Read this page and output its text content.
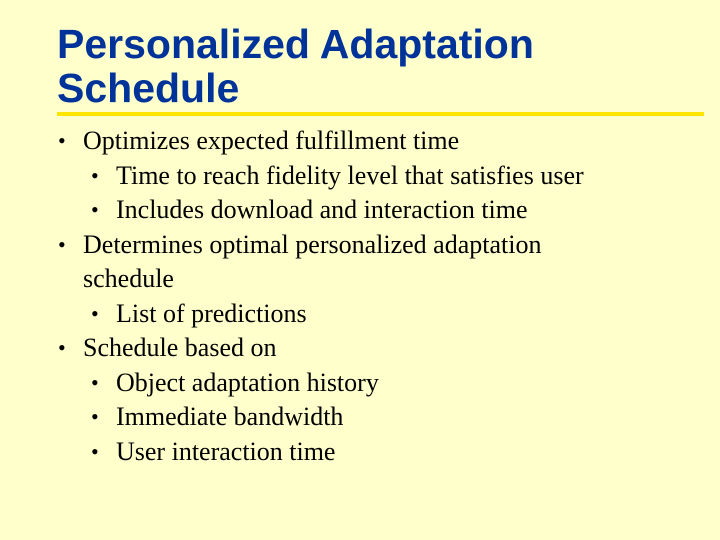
Personalized Adaptation
Schedule
• Optimizes expected fulfillment time
• Time to reach fidelity level that satisfies user
• Includes download and interaction time
• Determines optimal personalized adaptation
schedule
• List of predictions
• Schedule based on
• Object adaptation history
• Immediate bandwidth
• User interaction time
